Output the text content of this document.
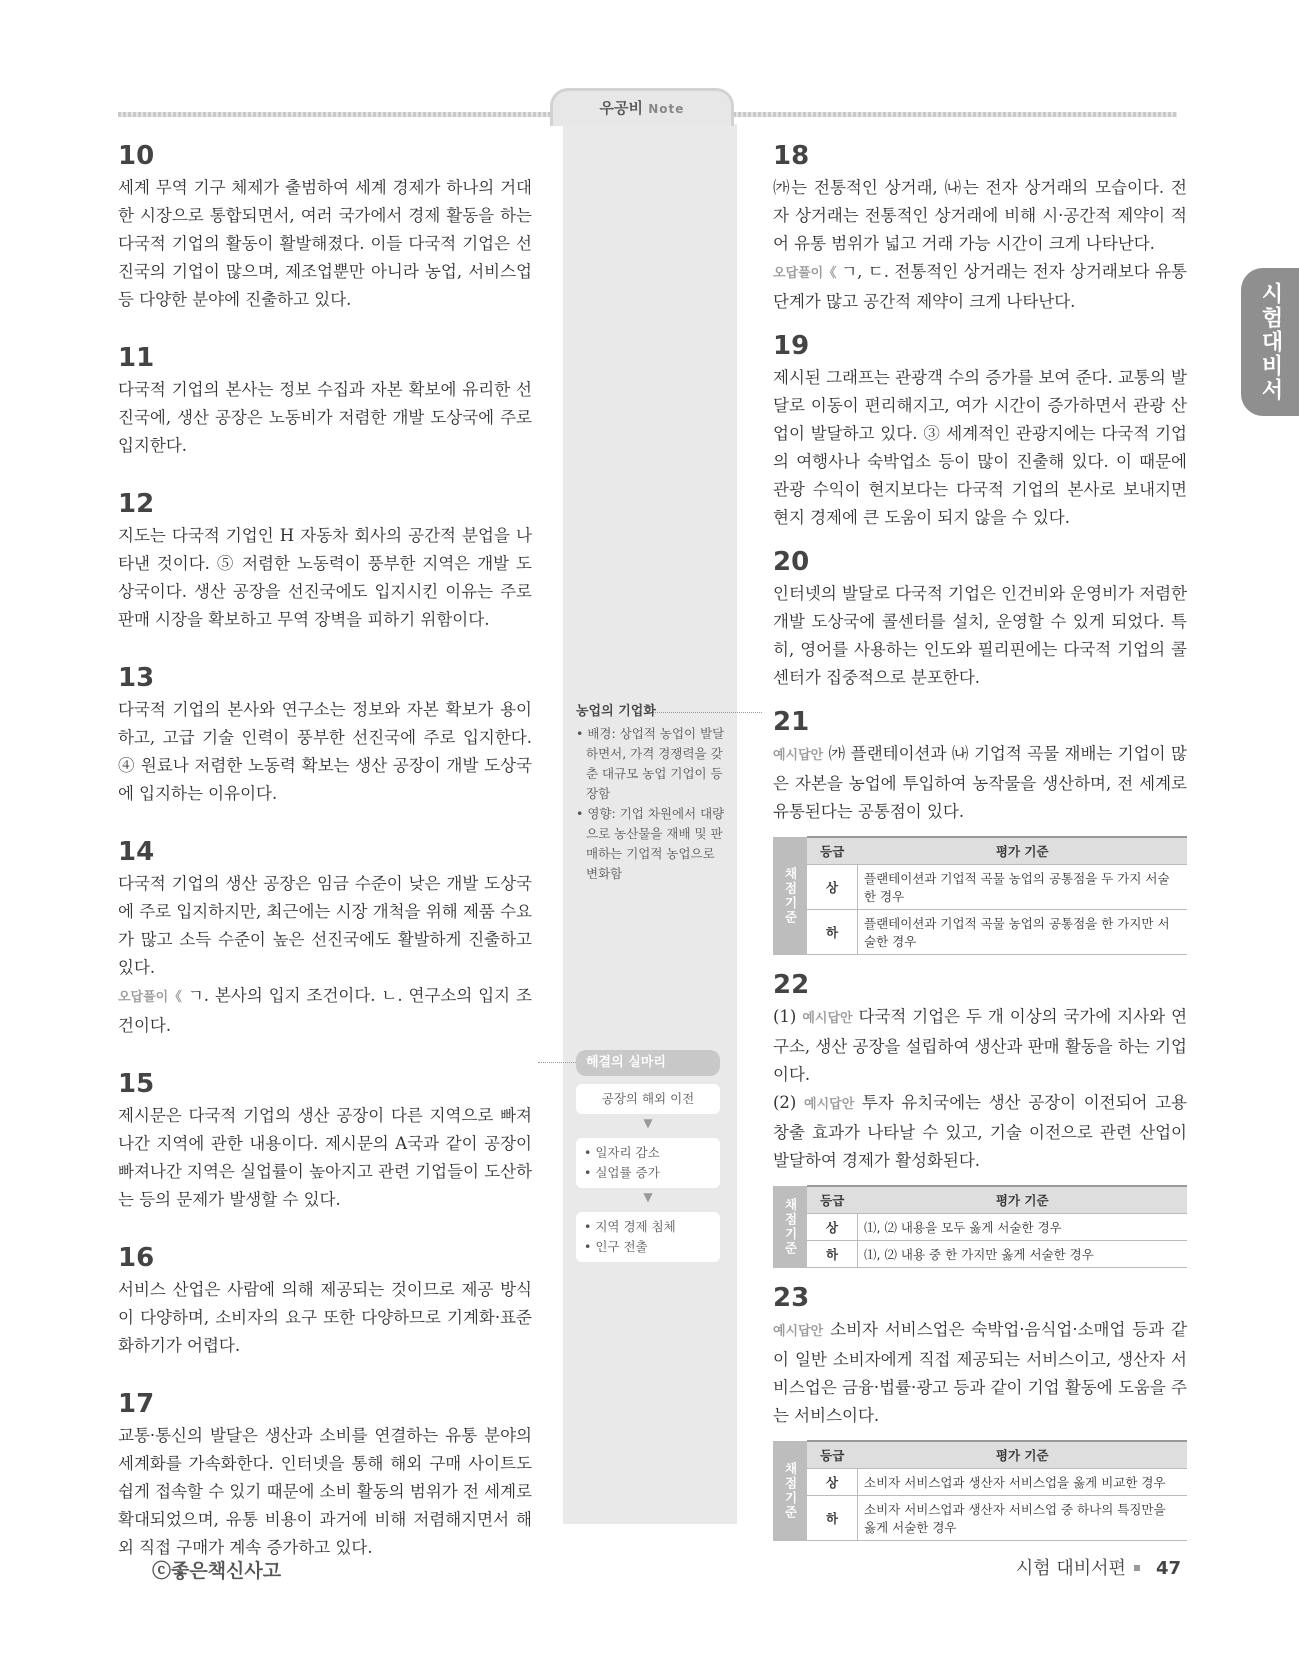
우공비 Note
시험대비서
10

세계 무역 기구 체제가 출범하여 세계 경제가 하나의 거대한 시장으로 통합되면서, 여러 국가에서 경제 활동을 하는 다국적 기업의 활동이 활발해졌다. 이들 다국적 기업은 선진국의 기업이 많으며, 제조업뿐만 아니라 농업, 서비스업 등 다양한 분야에 진출하고 있다.

11

다국적 기업의 본사는 정보 수집과 자본 확보에 유리한 선진국에, 생산 공장은 노동비가 저렴한 개발 도상국에 주로 입지한다.

12

지도는 다국적 기업인 H 자동차 회사의 공간적 분업을 나타낸 것이다. ⑤ 저렴한 노동력이 풍부한 지역은 개발 도상국이다. 생산 공장을 선진국에도 입지시킨 이유는 주로 판매 시장을 확보하고 무역 장벽을 피하기 위함이다.

13

다국적 기업의 본사와 연구소는 정보와 자본 확보가 용이하고, 고급 기술 인력이 풍부한 선진국에 주로 입지한다. ④ 원료나 저렴한 노동력 확보는 생산 공장이 개발 도상국에 입지하는 이유이다.

14

다국적 기업의 생산 공장은 임금 수준이 낮은 개발 도상국에 주로 입지하지만, 최근에는 시장 개척을 위해 제품 수요가 많고 소득 수준이 높은 선진국에도 활발하게 진출하고 있다.

오답풀이《 ㄱ. 본사의 입지 조건이다. ㄴ. 연구소의 입지 조건이다.

15

제시문은 다국적 기업의 생산 공장이 다른 지역으로 빠져나간 지역에 관한 내용이다. 제시문의 A국과 같이 공장이 빠져나간 지역은 실업률이 높아지고 관련 기업들이 도산하는 등의 문제가 발생할 수 있다.

16

서비스 산업은 사람에 의해 제공되는 것이므로 제공 방식이 다양하며, 소비자의 요구 또한 다양하므로 기계화·표준화하기가 어렵다.

17

교통·통신의 발달은 생산과 소비를 연결하는 유통 분야의 세계화를 가속화한다. 인터넷을 통해 해외 구매 사이트도 쉽게 접속할 수 있기 때문에 소비 활동의 범위가 전 세계로 확대되었으며, 유통 비용이 과거에 비해 저렴해지면서 해외 직접 구매가 계속 증가하고 있다.

농업의 기업화
• 배경: 상업적 농업이 발달하면서, 가격 경쟁력을 갖춘 대규모 농업 기업이 등장함
• 영향: 기업 차원에서 대량으로 농산물을 재배 및 판매하는 기업적 농업으로 변화함
해결의 실마리
공장의 해외 이전
▼
• 일자리 감소
• 실업률 증가
▼
• 지역 경제 침체
• 인구 전출
18

㈎는 전통적인 상거래, ㈏는 전자 상거래의 모습이다. 전자 상거래는 전통적인 상거래에 비해 시·공간적 제약이 적어 유통 범위가 넓고 거래 가능 시간이 크게 나타난다.

오답풀이《 ㄱ, ㄷ. 전통적인 상거래는 전자 상거래보다 유통 단계가 많고 공간적 제약이 크게 나타난다.

19

제시된 그래프는 관광객 수의 증가를 보여 준다. 교통의 발달로 이동이 편리해지고, 여가 시간이 증가하면서 관광 산업이 발달하고 있다. ③ 세계적인 관광지에는 다국적 기업의 여행사나 숙박업소 등이 많이 진출해 있다. 이 때문에 관광 수익이 현지보다는 다국적 기업의 본사로 보내지면 현지 경제에 큰 도움이 되지 않을 수 있다.

20

인터넷의 발달로 다국적 기업은 인건비와 운영비가 저렴한 개발 도상국에 콜센터를 설치, 운영할 수 있게 되었다. 특히, 영어를 사용하는 인도와 필리핀에는 다국적 기업의 콜센터가 집중적으로 분포한다.

21

예시답안 ㈎ 플랜테이션과 ㈏ 기업적 곡물 재배는 기업이 많은 자본을 농업에 투입하여 농작물을 생산하며, 전 세계로 유통된다는 공통점이 있다.

채점기준	등급	평가 기준
	상	플랜테이션과 기업적 곡물 농업의 공통점을 두 가지 서술한 경우
	하	플랜테이션과 기업적 곡물 농업의 공통점을 한 가지만 서술한 경우
22

(1) 예시답안 다국적 기업은 두 개 이상의 국가에 지사와 연구소, 생산 공장을 설립하여 생산과 판매 활동을 하는 기업이다.

(2) 예시답안 투자 유치국에는 생산 공장이 이전되어 고용 창출 효과가 나타날 수 있고, 기술 이전으로 관련 산업이 발달하여 경제가 활성화된다.

채점기준	등급	평가 기준
	상	⑴, ⑵ 내용을 모두 옳게 서술한 경우
	하	⑴, ⑵ 내용 중 한 가지만 옳게 서술한 경우
23

예시답안 소비자 서비스업은 숙박업·음식업·소매업 등과 같이 일반 소비자에게 직접 제공되는 서비스이고, 생산자 서비스업은 금융·법률·광고 등과 같이 기업 활동에 도움을 주는 서비스이다.

채점기준	등급	평가 기준
	상	소비자 서비스업과 생산자 서비스업을 옳게 비교한 경우
	하	소비자 서비스업과 생산자 서비스업 중 하나의 특징만을 옳게 서술한 경우
ⓒ좋은책신사고	시험 대비서편 47
